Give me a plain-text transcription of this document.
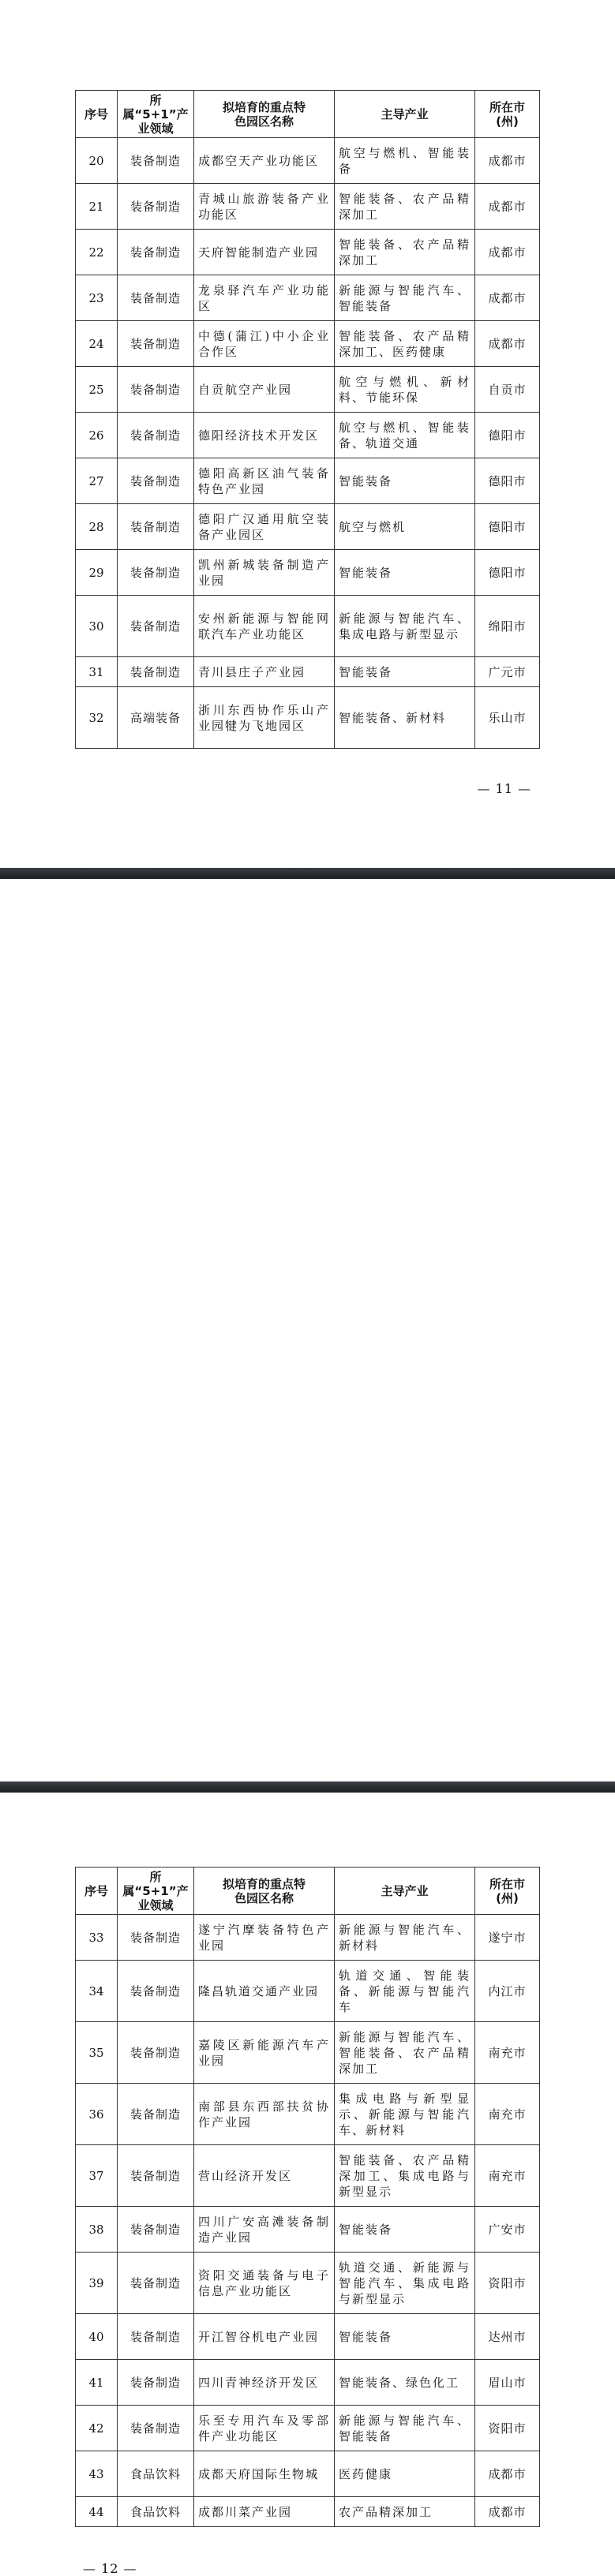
序号	所属“5+1”产业领域	拟培育的重点特色园区名称	主导产业	所在市(州)
20	装备制造	成都空天产业功能区	航空与燃机、智能装备	成都市
21	装备制造	青城山旅游装备产业功能区	智能装备、农产品精深加工	成都市
22	装备制造	天府智能制造产业园	智能装备、农产品精深加工	成都市
23	装备制造	龙泉驿汽车产业功能区	新能源与智能汽车、智能装备	成都市
24	装备制造	中德(蒲江)中小企业合作区	智能装备、农产品精深加工、医药健康	成都市
25	装备制造	自贡航空产业园	航空与燃机、新材料、节能环保	自贡市
26	装备制造	德阳经济技术开发区	航空与燃机、智能装备、轨道交通	德阳市
27	装备制造	德阳高新区油气装备特色产业园	智能装备	德阳市
28	装备制造	德阳广汉通用航空装备产业园区	航空与燃机	德阳市
29	装备制造	凯州新城装备制造产业园	智能装备	德阳市
30	装备制造	安州新能源与智能网联汽车产业功能区	新能源与智能汽车、集成电路与新型显示	绵阳市
31	装备制造	青川县庄子产业园	智能装备	广元市
32	高端装备	浙川东西协作乐山产业园犍为飞地园区	智能装备、新材料	乐山市
— 11 —
序号	所属“5+1”产业领域	拟培育的重点特色园区名称	主导产业	所在市(州)
33	装备制造	遂宁汽摩装备特色产业园	新能源与智能汽车、新材料	遂宁市
34	装备制造	隆昌轨道交通产业园	轨道交通、智能装备、新能源与智能汽车	内江市
35	装备制造	嘉陵区新能源汽车产业园	新能源与智能汽车、智能装备、农产品精深加工	南充市
36	装备制造	南部县东西部扶贫协作产业园	集成电路与新型显示、新能源与智能汽车、新材料	南充市
37	装备制造	营山经济开发区	智能装备、农产品精深加工、集成电路与新型显示	南充市
38	装备制造	四川广安高滩装备制造产业园	智能装备	广安市
39	装备制造	资阳交通装备与电子信息产业功能区	轨道交通、新能源与智能汽车、集成电路与新型显示	资阳市
40	装备制造	开江智谷机电产业园	智能装备	达州市
41	装备制造	四川青神经济开发区	智能装备、绿色化工	眉山市
42	装备制造	乐至专用汽车及零部件产业功能区	新能源与智能汽车、智能装备	资阳市
43	食品饮料	成都天府国际生物城	医药健康	成都市
44	食品饮料	成都川菜产业园	农产品精深加工	成都市
— 12 —
